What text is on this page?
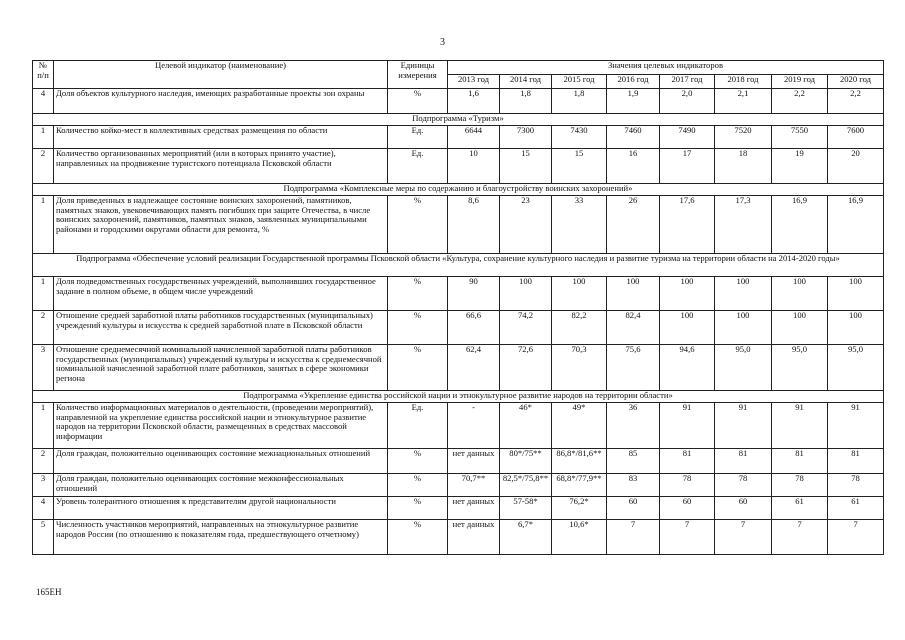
3
№ п/п	Целевой индикатор (наименование)	Единицы измерения	Значения целевых индикаторов							
			2013 год	2014 год	2015 год	2016 год	2017 год	2018 год	2019 год	2020 год
4	Доля объектов культурного наследия, имеющих разработанные проекты зон охраны	%	1,6	1,8	1,8	1,9	2,0	2,1	2,2	2,2
Подпрограмма «Туризм»										
1	Количество койко-мест в коллективных средствах размещения по области	Ед.	6644	7300	7430	7460	7490	7520	7550	7600
2	Количество организованных мероприятий (или в которых принято участие), направленных на продвижение туристского потенциала Псковской области	Ед.	10	15	15	16	17	18	19	20
Подпрограмма «Комплексные меры по содержанию и благоустройству воинских захоронений»										
1	Доля приведенных в надлежащее состояние воинских захоронений, памятников, памятных знаков, увековечивающих память погибших при защите Отечества, в числе воинских захоронений, памятников, памятных знаков, заявленных муниципальными районами и городскими округами области для ремонта, %	%	8,6	23	33	26	17,6	17,3	16,9	16,9
Подпрограмма «Обеспечение условий реализации Государственной программы Псковской области «Культура, сохранение культурного наследия и развитие туризма на территории области на 2014-2020 годы»										
1	Доля подведомственных государственных учреждений, выполнивших государственное задание в полном объеме, в общем числе учреждений	%	90	100	100	100	100	100	100	100
2	Отношение средней заработной платы работников государственных (муниципальных) учреждений культуры и искусства к средней заработной плате в Псковской области	%	66,6	74,2	82,2	82,4	100	100	100	100
3	Отношение среднемесячной номинальной начисленной заработной платы работников государственных (муниципальных) учреждений культуры и искусства к среднемесячной номинальной начисленной заработной плате работников, занятых в сфере экономики региона	%	62,4	72,6	70,3	75,6	94,6	95,0	95,0	95,0
Подпрограмма «Укрепление единства российской нации и этнокультурное развитие народов на территории области»										
1	Количество информационных материалов о деятельности, (проведении мероприятий), направленной на укрепление единства российской нации и этнокультурное развитие народов на территории Псковской области, размещенных в средствах массовой информации	Ед.	-	46*	49*	36	91	91	91	91
2	Доля граждан, положительно оценивающих состояние межнациональных отношений	%	нет данных	80*/75**	86,8*/81,6**	85	81	81	81	81
3	Доля граждан, положительно оценивающих состояние межконфессиональных отношений	%	70,7**	82,5*/75,8**	68,8*/77,9**	83	78	78	78	78
4	Уровень толерантного отношения к представителям другой национальности	%	нет данных	57-58*	76,2*	60	60	60	61	61
5	Численность участников мероприятий, направленных на этнокультурное развитие народов России (по отношению к показателям года, предшествующего отчетному)	%	нет данных	6,7*	10,6*	7	7	7	7	7
165ЕН
